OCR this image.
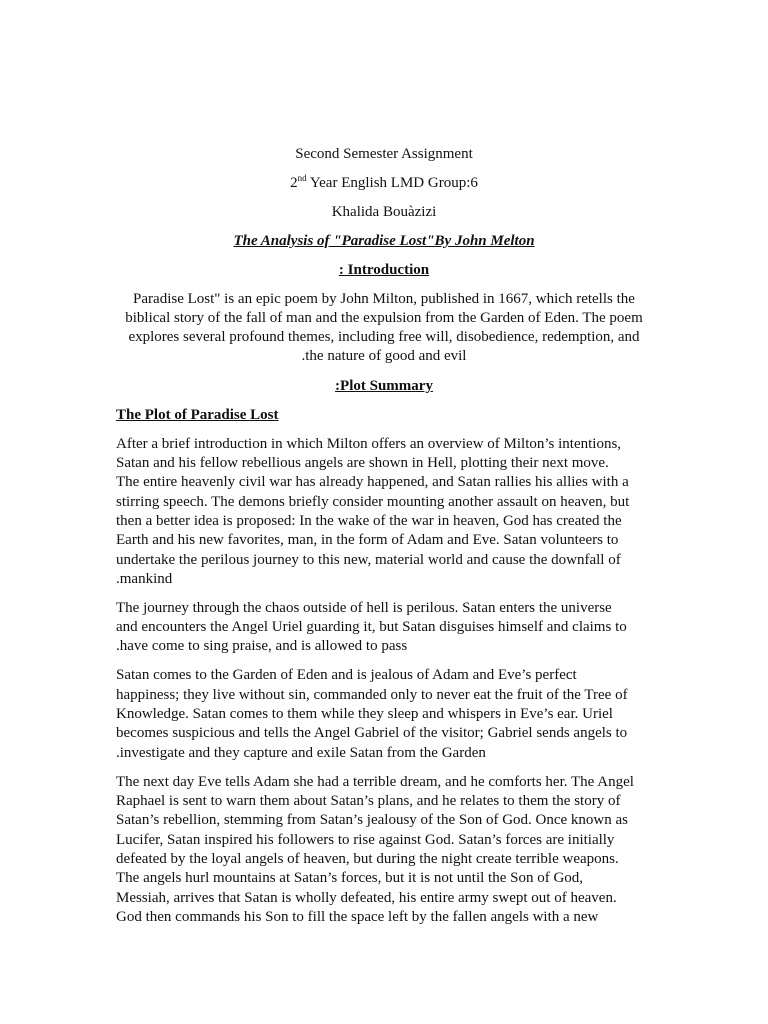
Second Semester Assignment
2nd Year English LMD Group:6
Khalida Bouàzizi
The Analysis of "Paradise Lost"By John Melton
: Introduction
Paradise Lost" is an epic poem by John Milton, published in 1667, which retells the
biblical story of the fall of man and the expulsion from the Garden of Eden. The poem
explores several profound themes, including free will, disobedience, redemption, and
.the nature of good and evil
:Plot Summary
The Plot of Paradise Lost
After a brief introduction in which Milton offers an overview of Milton’s intentions,
Satan and his fellow rebellious angels are shown in Hell, plotting their next move.
The entire heavenly civil war has already happened, and Satan rallies his allies with a
stirring speech. The demons briefly consider mounting another assault on heaven, but
then a better idea is proposed: In the wake of the war in heaven, God has created the
Earth and his new favorites, man, in the form of Adam and Eve. Satan volunteers to
undertake the perilous journey to this new, material world and cause the downfall of
.mankind
The journey through the chaos outside of hell is perilous. Satan enters the universe
and encounters the Angel Uriel guarding it, but Satan disguises himself and claims to
.have come to sing praise, and is allowed to pass
Satan comes to the Garden of Eden and is jealous of Adam and Eve’s perfect
happiness; they live without sin, commanded only to never eat the fruit of the Tree of
Knowledge. Satan comes to them while they sleep and whispers in Eve’s ear. Uriel
becomes suspicious and tells the Angel Gabriel of the visitor; Gabriel sends angels to
.investigate and they capture and exile Satan from the Garden
The next day Eve tells Adam she had a terrible dream, and he comforts her. The Angel
Raphael is sent to warn them about Satan’s plans, and he relates to them the story of
Satan’s rebellion, stemming from Satan’s jealousy of the Son of God. Once known as
Lucifer, Satan inspired his followers to rise against God. Satan’s forces are initially
defeated by the loyal angels of heaven, but during the night create terrible weapons.
The angels hurl mountains at Satan’s forces, but it is not until the Son of God,
Messiah, arrives that Satan is wholly defeated, his entire army swept out of heaven.
God then commands his Son to fill the space left by the fallen angels with a new
